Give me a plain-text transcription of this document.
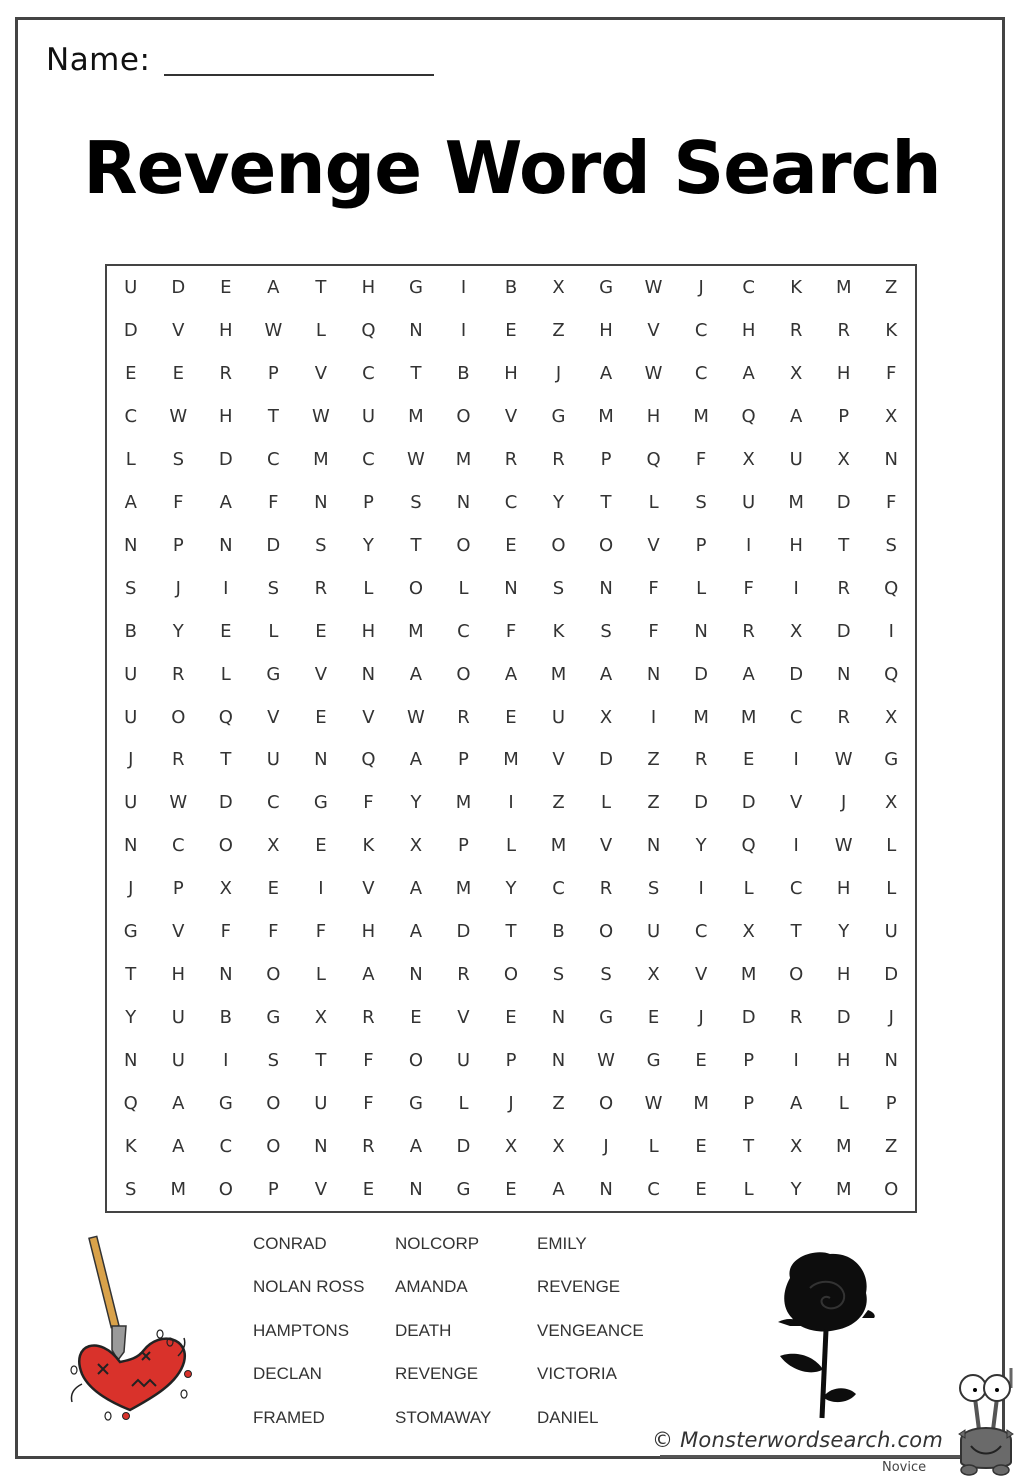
Name:
Revenge Word Search
U	D	E	A	T	H	G	I	B	X	G	W	J	C	K	M	Z
D	V	H	W	L	Q	N	I	E	Z	H	V	C	H	R	R	K
E	E	R	P	V	C	T	B	H	J	A	W	C	A	X	H	F
C	W	H	T	W	U	M	O	V	G	M	H	M	Q	A	P	X
L	S	D	C	M	C	W	M	R	R	P	Q	F	X	U	X	N
A	F	A	F	N	P	S	N	C	Y	T	L	S	U	M	D	F
N	P	N	D	S	Y	T	O	E	O	O	V	P	I	H	T	S
S	J	I	S	R	L	O	L	N	S	N	F	L	F	I	R	Q
B	Y	E	L	E	H	M	C	F	K	S	F	N	R	X	D	I
U	R	L	G	V	N	A	O	A	M	A	N	D	A	D	N	Q
U	O	Q	V	E	V	W	R	E	U	X	I	M	M	C	R	X
J	R	T	U	N	Q	A	P	M	V	D	Z	R	E	I	W	G
U	W	D	C	G	F	Y	M	I	Z	L	Z	D	D	V	J	X
N	C	O	X	E	K	X	P	L	M	V	N	Y	Q	I	W	L
J	P	X	E	I	V	A	M	Y	C	R	S	I	L	C	H	L
G	V	F	F	F	H	A	D	T	B	O	U	C	X	T	Y	U
T	H	N	O	L	A	N	R	O	S	S	X	V	M	O	H	D
Y	U	B	G	X	R	E	V	E	N	G	E	J	D	R	D	J
N	U	I	S	T	F	O	U	P	N	W	G	E	P	I	H	N
Q	A	G	O	U	F	G	L	J	Z	O	W	M	P	A	L	P
K	A	C	O	N	R	A	D	X	X	J	L	E	T	X	M	Z
S	M	O	P	V	E	N	G	E	A	N	C	E	L	Y	M	O
CONRAD	NOLCORP	EMILY
NOLAN ROSS	AMANDA	REVENGE
HAMPTONS	DEATH	VENGEANCE
DECLAN	REVENGE	VICTORIA
FRAMED	STOMAWAY	DANIEL
© Monsterwordsearch.com
Novice
